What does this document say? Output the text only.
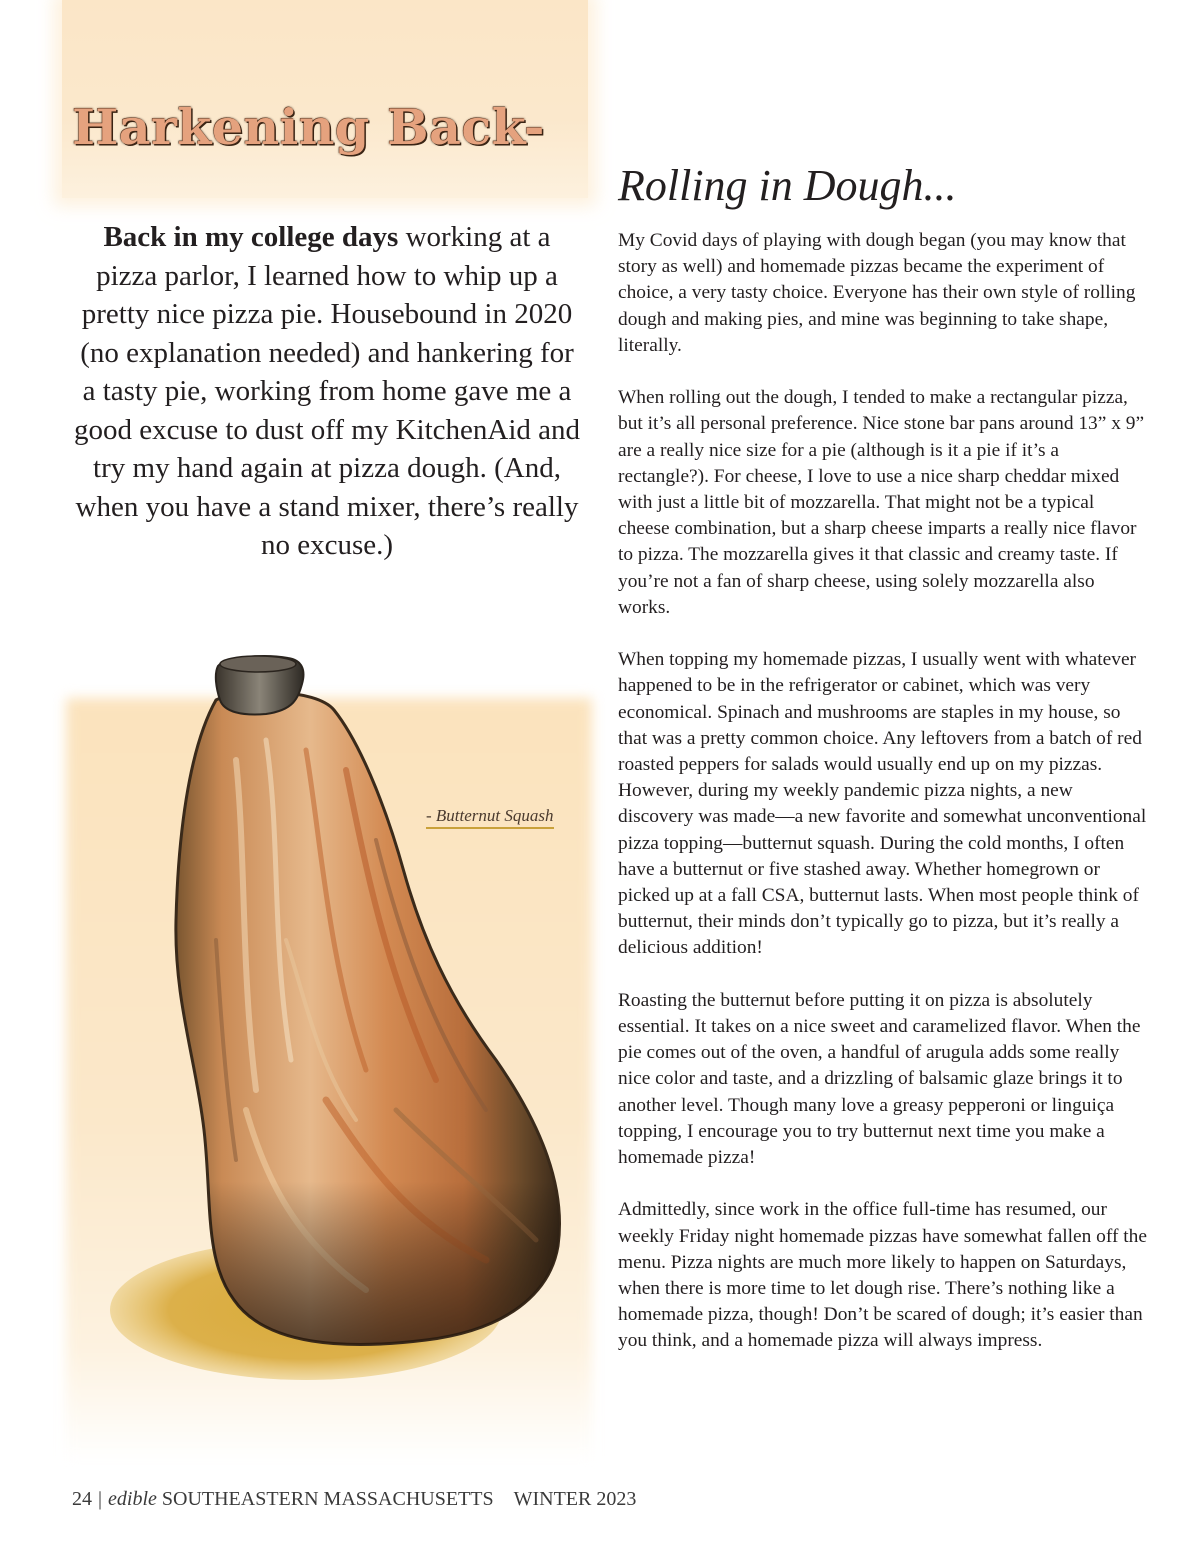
Harkening Back-

Back in my college days working at a pizza parlor, I learned how to whip up a pretty nice pizza pie. Housebound in 2020 (no explanation needed) and hankering for a tasty pie, working from home gave me a good excuse to dust off my KitchenAid and try my hand again at pizza dough. (And, when you have a stand mixer, there’s really no excuse.)

- Butternut Squash

Rolling in Dough...

My Covid days of playing with dough began (you may know that story as well) and homemade pizzas became the experiment of choice, a very tasty choice. Everyone has their own style of rolling dough and making pies, and mine was beginning to take shape, literally.

When rolling out the dough, I tended to make a rectangular pizza, but it’s all personal preference. Nice stone bar pans around 13” x 9” are a really nice size for a pie (although is it a pie if it’s a rectangle?). For cheese, I love to use a nice sharp cheddar mixed with just a little bit of mozzarella. That might not be a typical cheese combination, but a sharp cheese imparts a really nice flavor to pizza. The mozzarella gives it that classic and creamy taste. If you’re not a fan of sharp cheese, using solely mozzarella also works.

When topping my homemade pizzas, I usually went with whatever happened to be in the refrigerator or cabinet, which was very economical. Spinach and mushrooms are staples in my house, so that was a pretty common choice. Any leftovers from a batch of red roasted peppers for salads would usually end up on my pizzas. However, during my weekly pandemic pizza nights, a new discovery was made—a new favorite and somewhat unconventional pizza topping—butternut squash. During the cold months, I often have a butternut or five stashed away. Whether homegrown or picked up at a fall CSA, butternut lasts. When most people think of butternut, their minds don’t typically go to pizza, but it’s really a delicious addition!

Roasting the butternut before putting it on pizza is absolutely essential. It takes on a nice sweet and caramelized flavor. When the pie comes out of the oven, a handful of arugula adds some really nice color and taste, and a drizzling of balsamic glaze brings it to another level. Though many love a greasy pepperoni or linguiça topping, I encourage you to try butternut next time you make a homemade pizza!

Admittedly, since work in the office full-time has resumed, our weekly Friday night homemade pizzas have somewhat fallen off the menu. Pizza nights are much more likely to happen on Saturdays, when there is more time to let dough rise. There’s nothing like a homemade pizza, though! Don’t be scared of dough; it’s easier than you think, and a homemade pizza will always impress.

24 | edible SOUTHEASTERN MASSACHUSETTS WINTER 2023
